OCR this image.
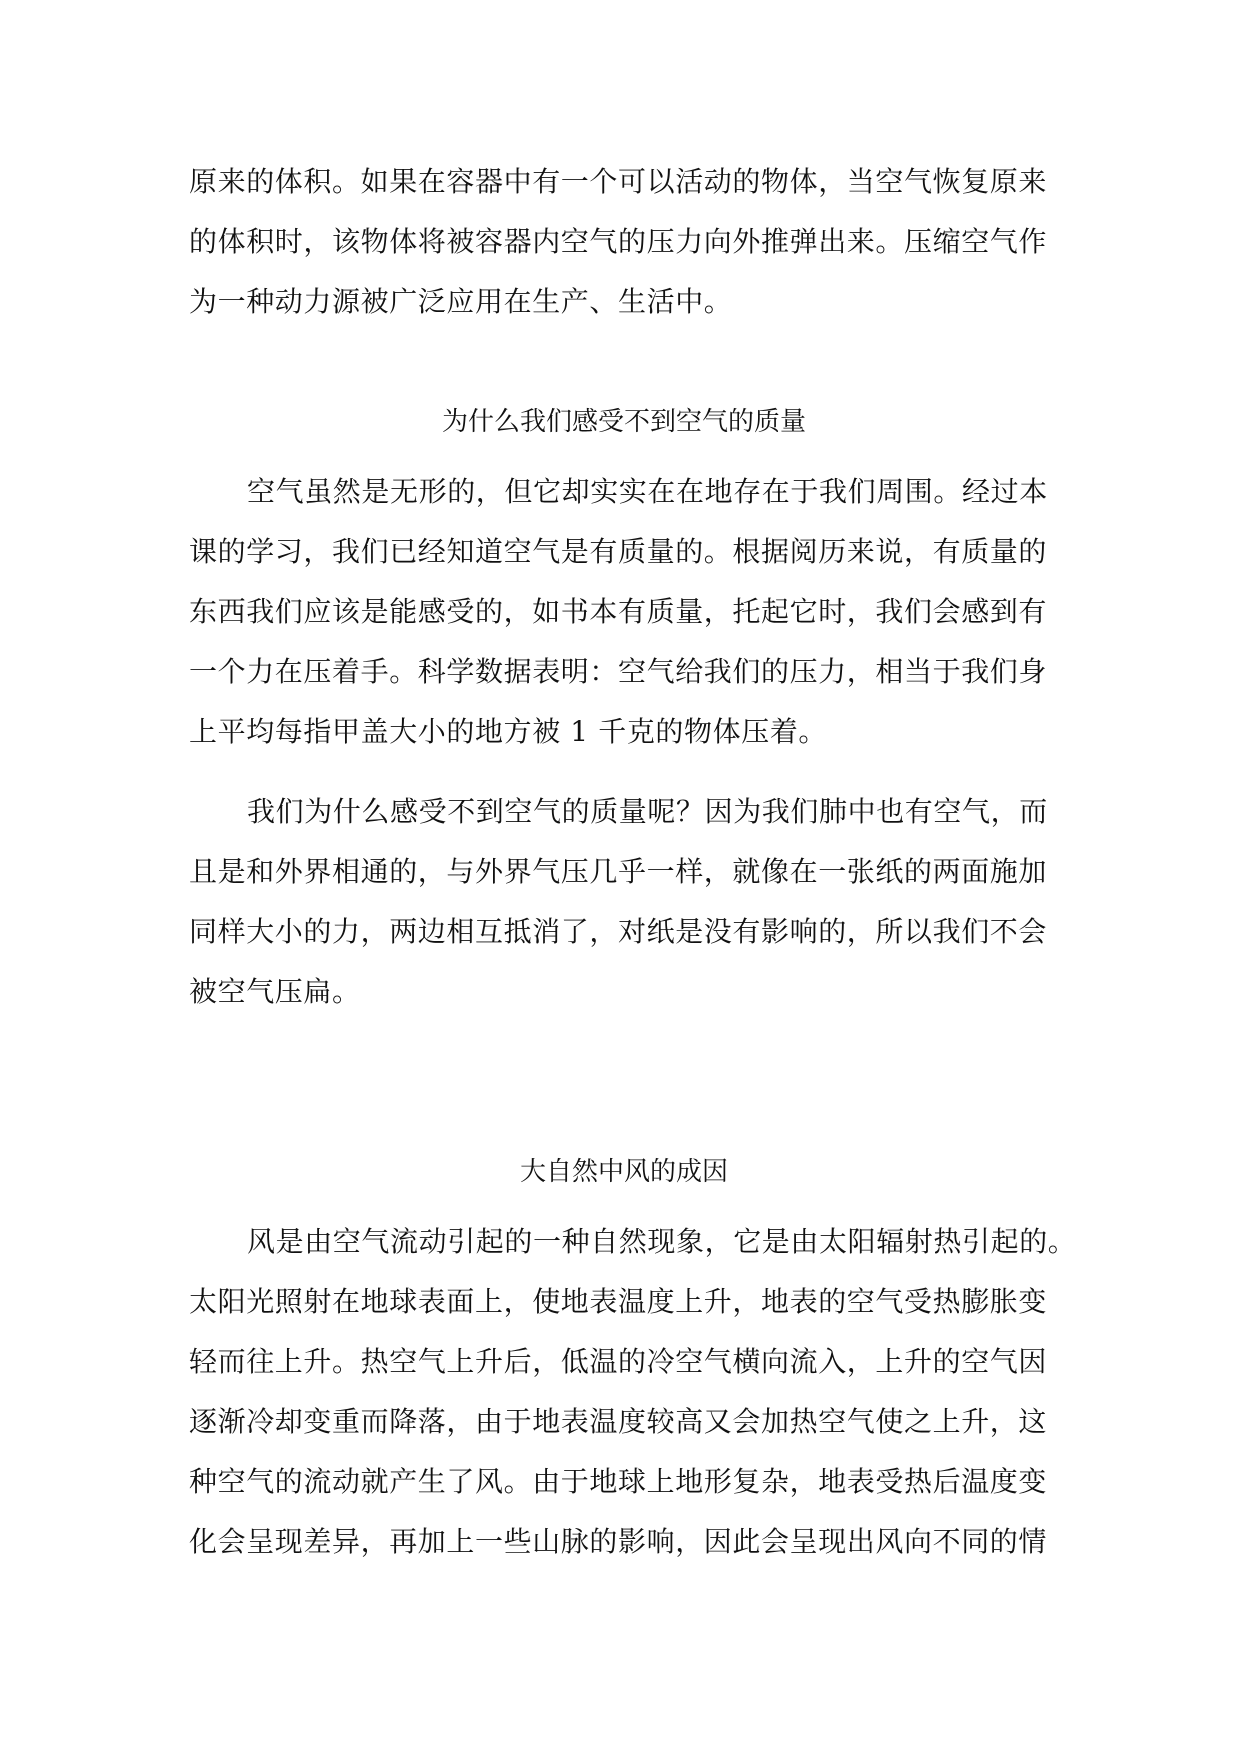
原来的体积。如果在容器中有一个可以活动的物体，当空气恢复原来
的体积时，该物体将被容器内空气的压力向外推弹出来。压缩空气作
为一种动力源被广泛应用在生产、生活中。
为什么我们感受不到空气的质量
空气虽然是无形的，但它却实实在在地存在于我们周围。经过本
课的学习，我们已经知道空气是有质量的。根据阅历来说，有质量的
东西我们应该是能感受的，如书本有质量，托起它时，我们会感到有
一个力在压着手。科学数据表明：空气给我们的压力，相当于我们身
上平均每指甲盖大小的地方被 1 千克的物体压着。
我们为什么感受不到空气的质量呢？因为我们肺中也有空气，而
且是和外界相通的，与外界气压几乎一样，就像在一张纸的两面施加
同样大小的力，两边相互抵消了，对纸是没有影响的，所以我们不会
被空气压扁。
大自然中风的成因
风是由空气流动引起的一种自然现象，它是由太阳辐射热引起的。
太阳光照射在地球表面上，使地表温度上升，地表的空气受热膨胀变
轻而往上升。热空气上升后，低温的冷空气横向流入，上升的空气因
逐渐冷却变重而降落，由于地表温度较高又会加热空气使之上升，这
种空气的流动就产生了风。由于地球上地形复杂，地表受热后温度变
化会呈现差异，再加上一些山脉的影响，因此会呈现出风向不同的情
